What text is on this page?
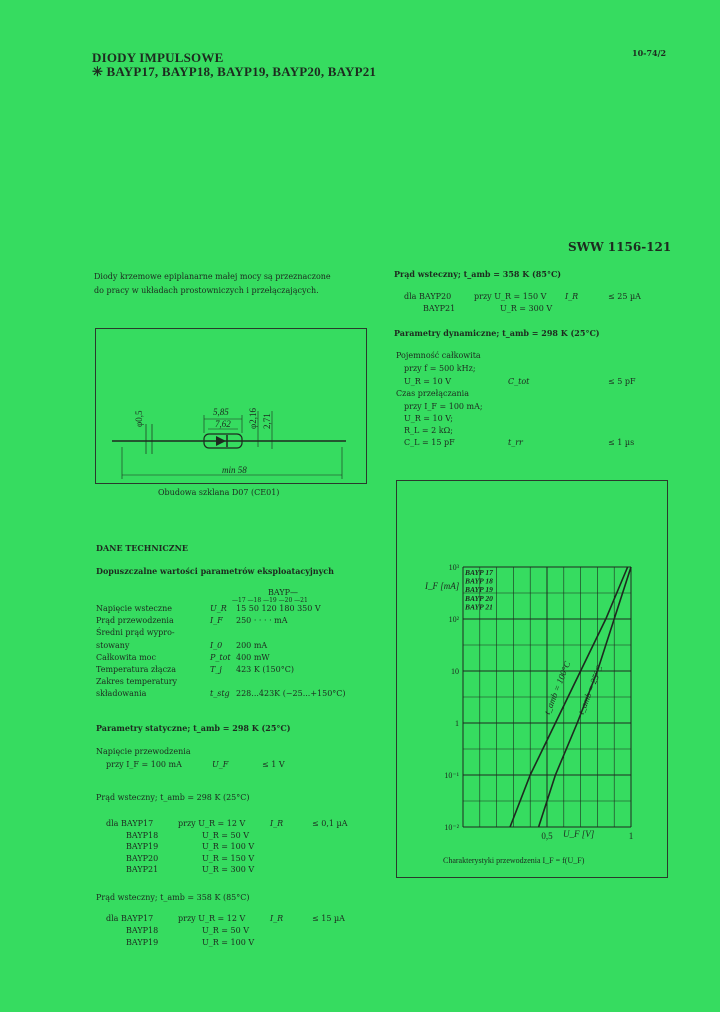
DIODY IMPULSOWE
✳ BAYP17, BAYP18, BAYP19, BAYP20, BAYP21
10-74/2
SWW 1156-121
Diody krzemowe epiplanarne małej mocy są przeznaczone
do pracy w układach prostowniczych i przełączających.
φ0,5	5,85
7,62 φ2,16 2,71
min 58
Obudowa szklana D07 (CE01)
DANE TECHNICZNE
Dopuszczalne wartości parametrów eksploatacyjnych
BAYP—
—17 —18 —19 —20 —21
Napięcie wsteczne	U_R 15 50 120 180 350 V
Prąd przewodzenia	I_F 250 · · · · mA
Średni prąd wypro-
stowany	I_0 200 mA
Całkowita moc	P_tot 400 mW
Temperatura złącza	T_j 423 K (150°C)
Zakres temperatury
składowania	t_stg 228...423K (−25...+150°C)
Parametry statyczne; t_amb = 298 K (25°C)
Napięcie przewodzenia
przy I_F = 100 mA	U_F	≤ 1 V
Prąd wsteczny; t_amb = 298 K (25°C)
dla BAYP17	przy U_R = 12 V	I_R	≤ 0,1 µA
BAYP18	U_R = 50 V
BAYP19	U_R = 100 V
BAYP20	U_R = 150 V
BAYP21	U_R = 300 V
Prąd wsteczny; t_amb = 358 K (85°C)
dla BAYP17	przy U_R = 12 V	I_R	≤ 15 µA
BAYP18	U_R = 50 V
BAYP19	U_R = 100 V
Prąd wsteczny; t_amb = 358 K (85°C)
dla BAYP20	przy U_R = 150 V I_R	≤ 25 µA
BAYP21	U_R = 300 V
Parametry dynamiczne; t_amb = 298 K (25°C)
Pojemność całkowita
przy f = 500 kHz;
U_R = 10 V	C_tot	≤ 5 pF
Czas przełączania
przy I_F = 100 mA;
U_R = 10 V;
R_L = 2 kΩ;
C_L = 15 pF	t_rr	≤ 1 µs
10³
10²
10
1
10⁻¹
10⁻²
0,5	1
t_amb = 100°C t_amb = 25°C
I_F [mA]
U_F [V]
BAYP 17
BAYP 18
BAYP 19
BAYP 20
BAYP 21
Charakterystyki przewodzenia I_F = f(U_F)
